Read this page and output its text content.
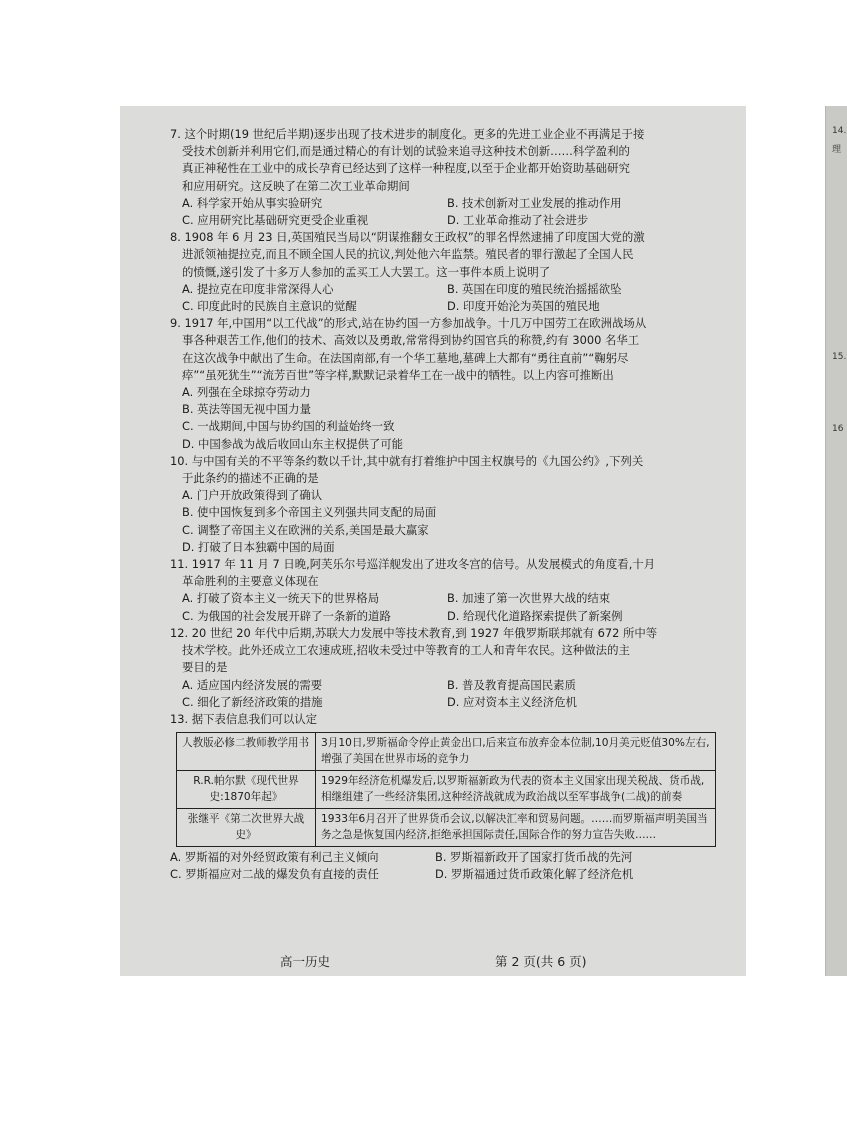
14.
理
15.
16
7. 这个时期(19 世纪后半期)逐步出现了技术进步的制度化。更多的先进工业企业不再满足于接
受技术创新并利用它们,而是通过精心的有计划的试验来追寻这种技术创新……科学盈利的
真正神秘性在工业中的成长孕育已经达到了这样一种程度,以至于企业都开始资助基础研究
和应用研究。这反映了在第二次工业革命期间
A. 科学家开始从事实验研究	B. 技术创新对工业发展的推动作用
C. 应用研究比基础研究更受企业重视	D. 工业革命推动了社会进步
8. 1908 年 6 月 23 日,英国殖民当局以“阴谋推翻女王政权”的罪名悍然逮捕了印度国大党的激
进派领袖提拉克,而且不顾全国人民的抗议,判处他六年监禁。殖民者的罪行激起了全国人民
的愤慨,遂引发了十多万人参加的孟买工人大罢工。这一事件本质上说明了
A. 提拉克在印度非常深得人心	B. 英国在印度的殖民统治摇摇欲坠
C. 印度此时的民族自主意识的觉醒	D. 印度开始沦为英国的殖民地
9. 1917 年,中国用“以工代战”的形式,站在协约国一方参加战争。十几万中国劳工在欧洲战场从
事各种艰苦工作,他们的技术、高效以及勇敢,常常得到协约国官兵的称赞,约有 3000 名华工
在这次战争中献出了生命。在法国南部,有一个华工墓地,墓碑上大都有“勇往直前”“鞠躬尽
瘁”“虽死犹生”“流芳百世”等字样,默默记录着华工在一战中的牺牲。以上内容可推断出
A. 列强在全球掠夺劳动力
B. 英法等国无视中国力量
C. 一战期间,中国与协约国的利益始终一致
D. 中国参战为战后收回山东主权提供了可能
10. 与中国有关的不平等条约数以千计,其中就有打着维护中国主权旗号的《九国公约》,下列关
于此条约的描述不正确的是
A. 门户开放政策得到了确认
B. 使中国恢复到多个帝国主义列强共同支配的局面
C. 调整了帝国主义在欧洲的关系,美国是最大赢家
D. 打破了日本独霸中国的局面
11. 1917 年 11 月 7 日晚,阿芙乐尔号巡洋舰发出了进攻冬宫的信号。从发展模式的角度看,十月
革命胜利的主要意义体现在
A. 打破了资本主义一统天下的世界格局	B. 加速了第一次世界大战的结束
C. 为俄国的社会发展开辟了一条新的道路	D. 给现代化道路探索提供了新案例
12. 20 世纪 20 年代中后期,苏联大力发展中等技术教育,到 1927 年俄罗斯联邦就有 672 所中等
技术学校。此外还成立工农速成班,招收未受过中等教育的工人和青年农民。这种做法的主
要目的是
A. 适应国内经济发展的需要	B. 普及教育提高国民素质
C. 细化了新经济政策的措施	D. 应对资本主义经济危机
13. 据下表信息我们可以认定
人教版必修二教师教学用书	3月10日,罗斯福命令停止黄金出口,后来宣布放弃金本位制,10月美元贬值30%左右,增强了美国在世界市场的竞争力
R.R.帕尔默《现代世界史:1870年起》	1929年经济危机爆发后,以罗斯福新政为代表的资本主义国家出现关税战、货币战,相继组建了一些经济集团,这种经济战就成为政治战以至军事战争(二战)的前奏
张继平《第二次世界大战史》	1933年6月召开了世界货币会议,以解决汇率和贸易问题。……而罗斯福声明美国当务之急是恢复国内经济,拒绝承担国际责任,国际合作的努力宣告失败……
A. 罗斯福的对外经贸政策有利己主义倾向	B. 罗斯福新政开了国家打货币战的先河
C. 罗斯福应对二战的爆发负有直接的责任	D. 罗斯福通过货币政策化解了经济危机
高一历史	第 2 页(共 6 页)
